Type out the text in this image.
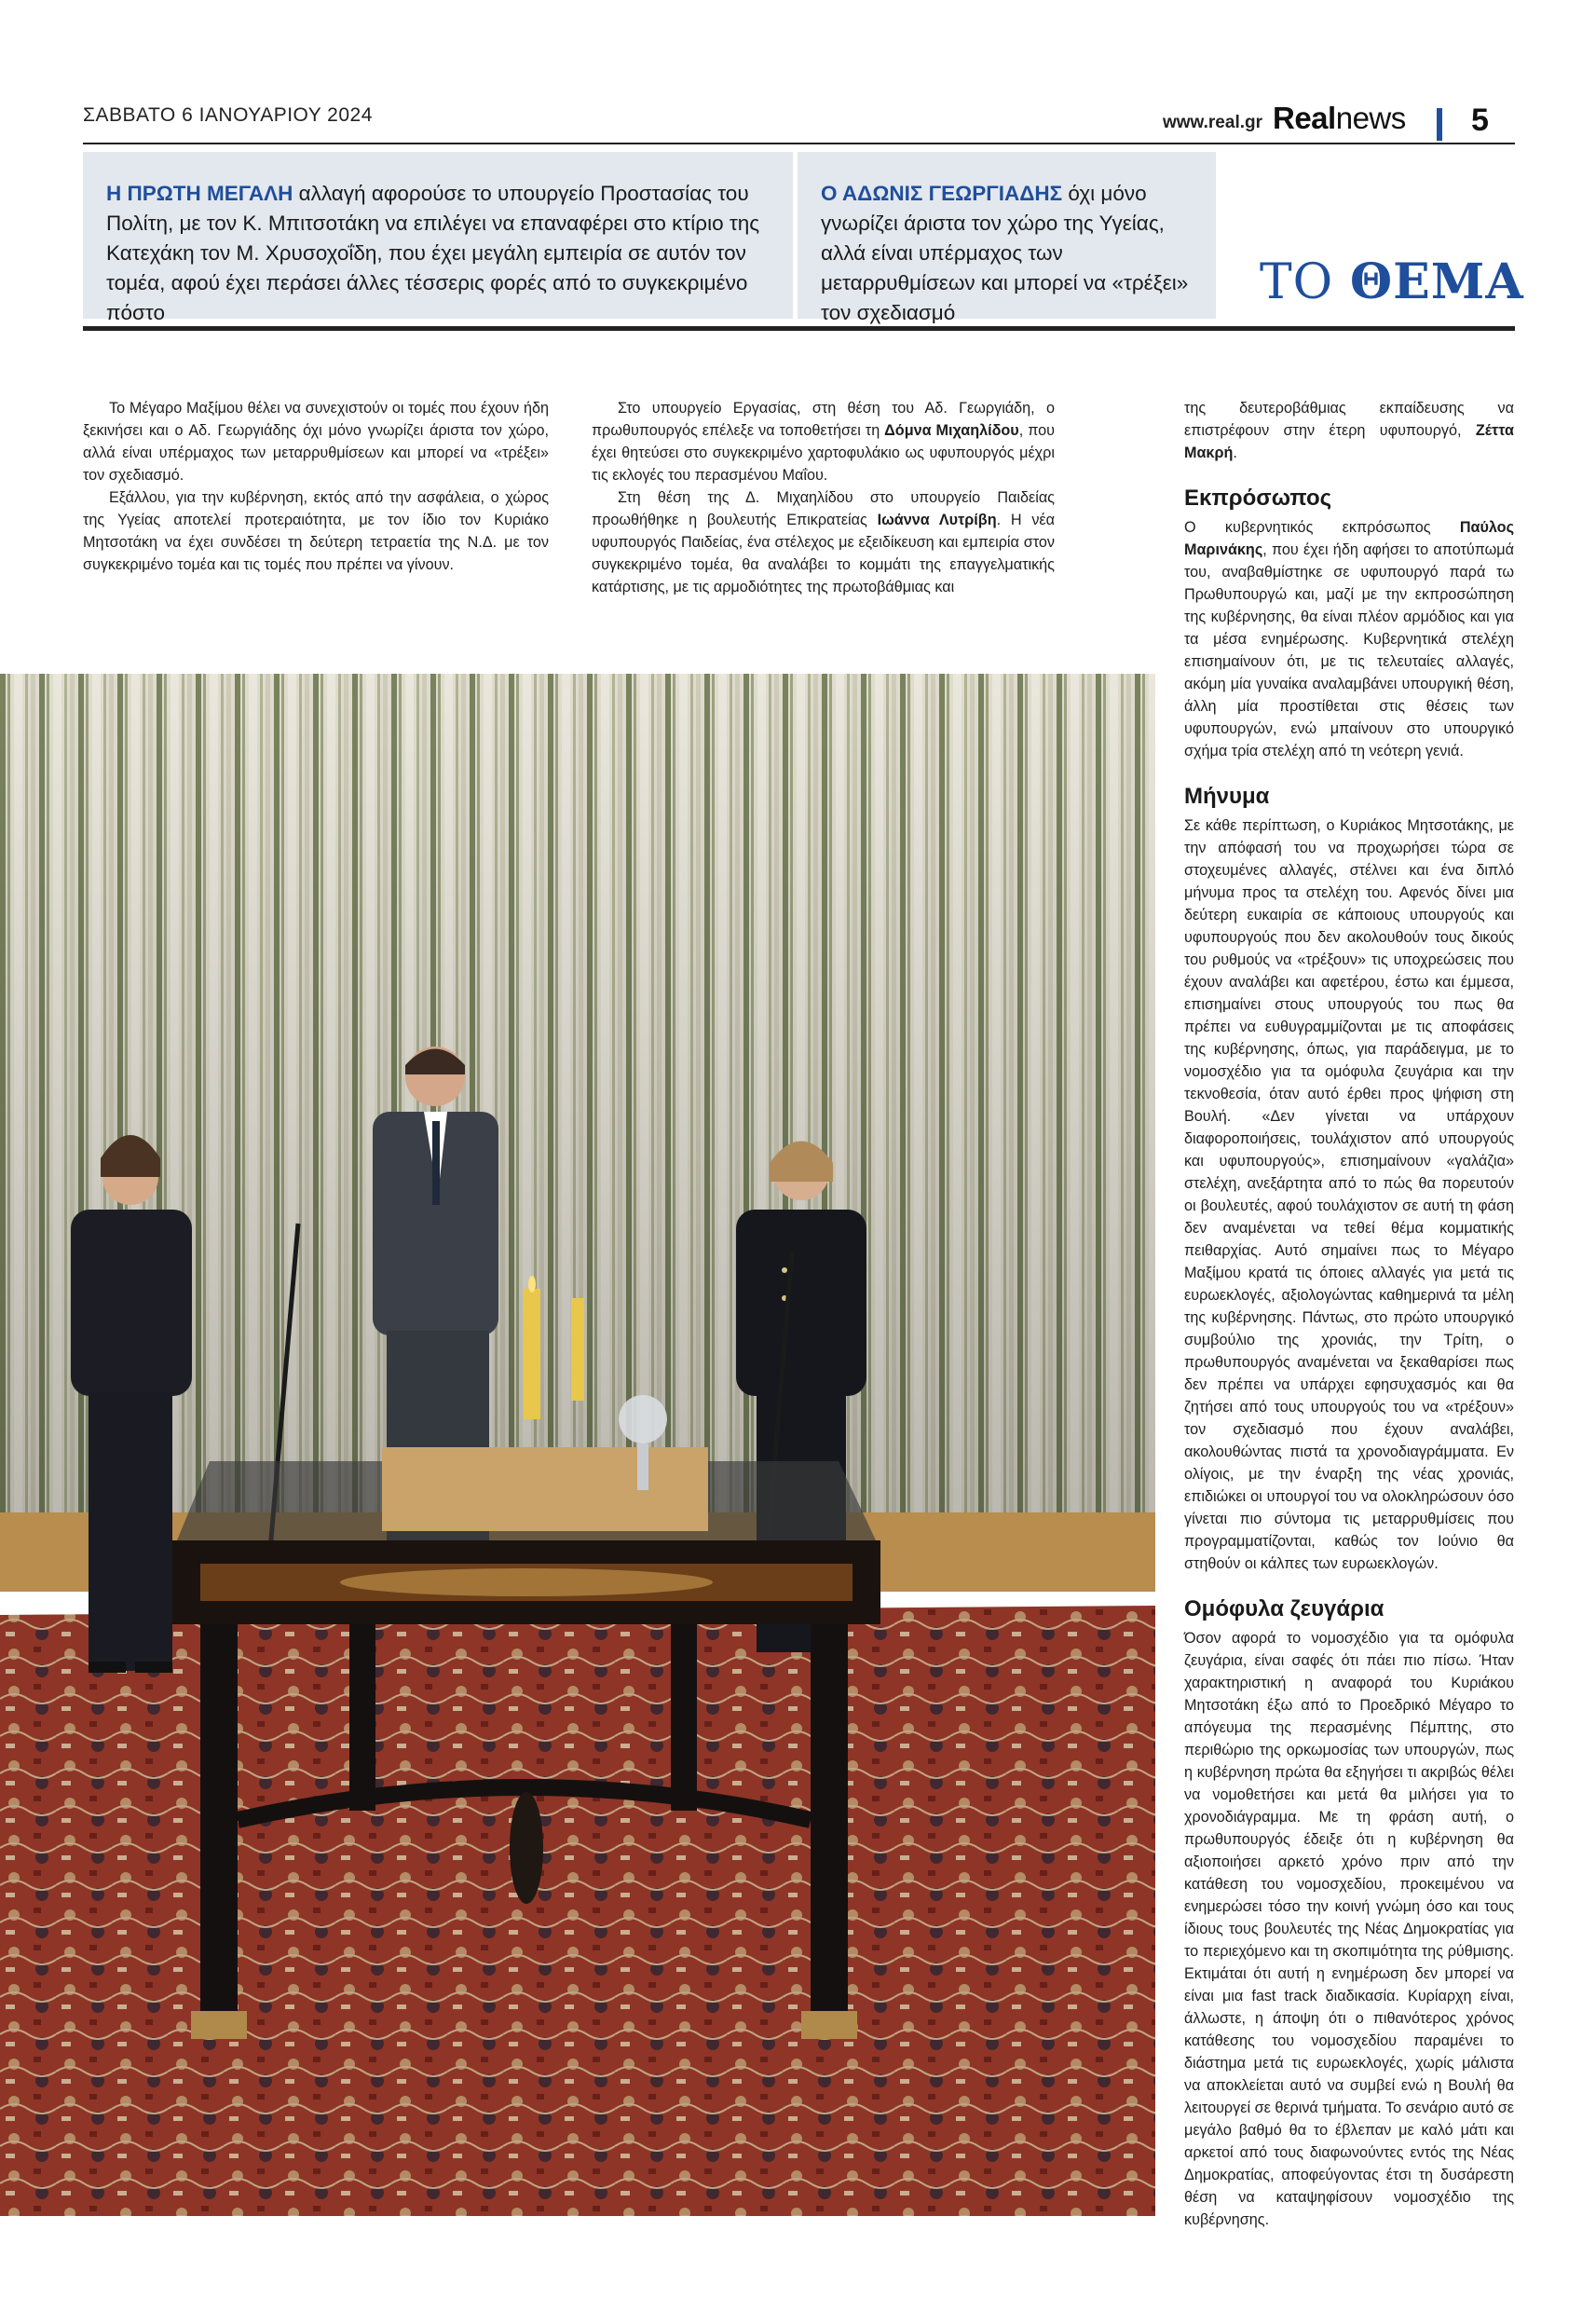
ΣΑΒΒΑΤΟ 6 ΙΑΝΟΥΑΡΙΟΥ 2024	www.real.gr Realnews 5
Η ΠΡΩΤΗ ΜΕΓΑΛΗ αλλαγή αφορούσε το υπουργείο Προστασίας του Πολίτη, με τον Κ. Μπιτσοτάκη να επιλέγει να επαναφέρει στο κτίριο της Κατεχάκη τον Μ. Χρυσοχοΐδη, που έχει μεγάλη εμπειρία σε αυτόν τον τομέα, αφού έχει περάσει άλλες τέσσερις φορές από το συγκεκριμένο πόστο
Ο ΑΔΩΝΙΣ ΓΕΩΡΓΙΑΔΗΣ όχι μόνο γνωρίζει άριστα τον χώρο της Υγείας, αλλά είναι υπέρμαχος των μεταρρυθμίσεων και μπορεί να «τρέξει» τον σχεδιασμό
ΤΟ ΘΕΜΑ

Το Μέγαρο Μαξίμου θέλει να συνεχιστούν οι τομές που έχουν ήδη ξεκινήσει και ο Αδ. Γεωργιάδης όχι μόνο γνωρίζει άριστα τον χώρο, αλλά είναι υπέρμαχος των μεταρρυθμίσεων και μπορεί να «τρέξει» τον σχεδιασμό.

Εξάλλου, για την κυβέρνηση, εκτός από την ασφάλεια, ο χώρος της Υγείας αποτελεί προτεραιότητα, με τον ίδιο τον Κυριάκο Μητσοτάκη να έχει συνδέσει τη δεύτερη τετραετία της Ν.Δ. με τον συγκεκριμένο τομέα και τις τομές που πρέπει να γίνουν.

Στο υπουργείο Εργασίας, στη θέση του Αδ. Γεωργιάδη, ο πρωθυπουργός επέλεξε να τοποθετήσει τη Δόμνα Μιχαηλίδου, που έχει θητεύσει στο συγκεκριμένο χαρτοφυλάκιο ως υφυπουργός μέχρι τις εκλογές του περασμένου Μαΐου.

Στη θέση της Δ. Μιχαηλίδου στο υπουργείο Παιδείας προωθήθηκε η βουλευτής Επικρατείας Ιωάννα Λυτρίβη. Η νέα υφυπουργός Παιδείας, ένα στέλεχος με εξειδίκευση και εμπειρία στον συγκεκριμένο τομέα, θα αναλάβει το κομμάτι της επαγγελματικής κατάρτισης, με τις αρμοδιότητες της πρωτοβάθμιας και

της δευτεροβάθμιας εκπαίδευσης να επιστρέφουν στην έτερη υφυπουργό, Ζέττα Μακρή.

Εκπρόσωπος

Ο κυβερνητικός εκπρόσωπος Παύλος Μαρινάκης, που έχει ήδη αφήσει το αποτύπωμά του, αναβαθμίστηκε σε υφυπουργό παρά τω Πρωθυπουργώ και, μαζί με την εκπροσώπηση της κυβέρνησης, θα είναι πλέον αρμόδιος και για τα μέσα ενημέρωσης. Κυβερνητικά στελέχη επισημαίνουν ότι, με τις τελευταίες αλλαγές, ακόμη μία γυναίκα αναλαμβάνει υπουργική θέση, άλλη μία προστίθεται στις θέσεις των υφυπουργών, ενώ μπαίνουν στο υπουργικό σχήμα τρία στελέχη από τη νεότερη γενιά.

Μήνυμα

Σε κάθε περίπτωση, ο Κυριάκος Μητσοτάκης, με την απόφασή του να προχωρήσει τώρα σε στοχευμένες αλλαγές, στέλνει και ένα διπλό μήνυμα προς τα στελέχη του. Αφενός δίνει μια δεύτερη ευκαιρία σε κάποιους υπουργούς και υφυπουργούς που δεν ακολουθούν τους δικούς του ρυθμούς να «τρέξουν» τις υποχρεώσεις που έχουν αναλάβει και αφετέρου, έστω και έμμεσα, επισημαίνει στους υπουργούς του πως θα πρέπει να ευθυγραμμίζονται με τις αποφάσεις της κυβέρνησης, όπως, για παράδειγμα, με το νομοσχέδιο για τα ομόφυλα ζευγάρια και την τεκνοθεσία, όταν αυτό έρθει προς ψήφιση στη Βουλή. «Δεν γίνεται να υπάρχουν διαφοροποιήσεις, τουλάχιστον από υπουργούς και υφυπουργούς», επισημαίνουν «γαλάζια» στελέχη, ανεξάρτητα από το πώς θα πορευτούν οι βουλευτές, αφού τουλάχιστον σε αυτή τη φάση δεν αναμένεται να τεθεί θέμα κομματικής πειθαρχίας. Αυτό σημαίνει πως το Μέγαρο Μαξίμου κρατά τις όποιες αλλαγές για μετά τις ευρωεκλογές, αξιολογώντας καθημερινά τα μέλη της κυβέρνησης. Πάντως, στο πρώτο υπουργικό συμβούλιο της χρονιάς, την Τρίτη, ο πρωθυπουργός αναμένεται να ξεκαθαρίσει πως δεν πρέπει να υπάρχει εφησυχασμός και θα ζητήσει από τους υπουργούς του να «τρέξουν» τον σχεδιασμό που έχουν αναλάβει, ακολουθώντας πιστά τα χρονοδιαγράμματα. Εν ολίγοις, με την έναρξη της νέας χρονιάς, επιδιώκει οι υπουργοί του να ολοκληρώσουν όσο γίνεται πιο σύντομα τις μεταρρυθμίσεις που προγραμματίζονται, καθώς τον Ιούνιο θα στηθούν οι κάλπες των ευρωεκλογών.

Ομόφυλα ζευγάρια

Όσον αφορά το νομοσχέδιο για τα ομόφυλα ζευγάρια, είναι σαφές ότι πάει πιο πίσω. Ήταν χαρακτηριστική η αναφορά του Κυριάκου Μητσοτάκη έξω από το Προεδρικό Μέγαρο το απόγευμα της περασμένης Πέμπτης, στο περιθώριο της ορκωμοσίας των υπουργών, πως η κυβέρνηση πρώτα θα εξηγήσει τι ακριβώς θέλει να νομοθετήσει και μετά θα μιλήσει για το χρονοδιάγραμμα. Με τη φράση αυτή, ο πρωθυπουργός έδειξε ότι η κυβέρνηση θα αξιοποιήσει αρκετό χρόνο πριν από την κατάθεση του νομοσχεδίου, προκειμένου να ενημερώσει τόσο την κοινή γνώμη όσο και τους ίδιους τους βουλευτές της Νέας Δημοκρατίας για το περιεχόμενο και τη σκοπιμότητα της ρύθμισης. Εκτιμάται ότι αυτή η ενημέρωση δεν μπορεί να είναι μια fast track διαδικασία. Κυρίαρχη είναι, άλλωστε, η άποψη ότι ο πιθανότερος χρόνος κατάθεσης του νομοσχεδίου παραμένει το διάστημα μετά τις ευρωεκλογές, χωρίς μάλιστα να αποκλείεται αυτό να συμβεί ενώ η Βουλή θα λειτουργεί σε θερινά τμήματα. Το σενάριο αυτό σε μεγάλο βαθμό θα το έβλεπαν με καλό μάτι και αρκετοί από τους διαφωνούντες εντός της Νέας Δημοκρατίας, αποφεύγοντας έτσι τη δυσάρεστη θέση να καταψηφίσουν νομοσχέδιο της κυβέρνησης.
